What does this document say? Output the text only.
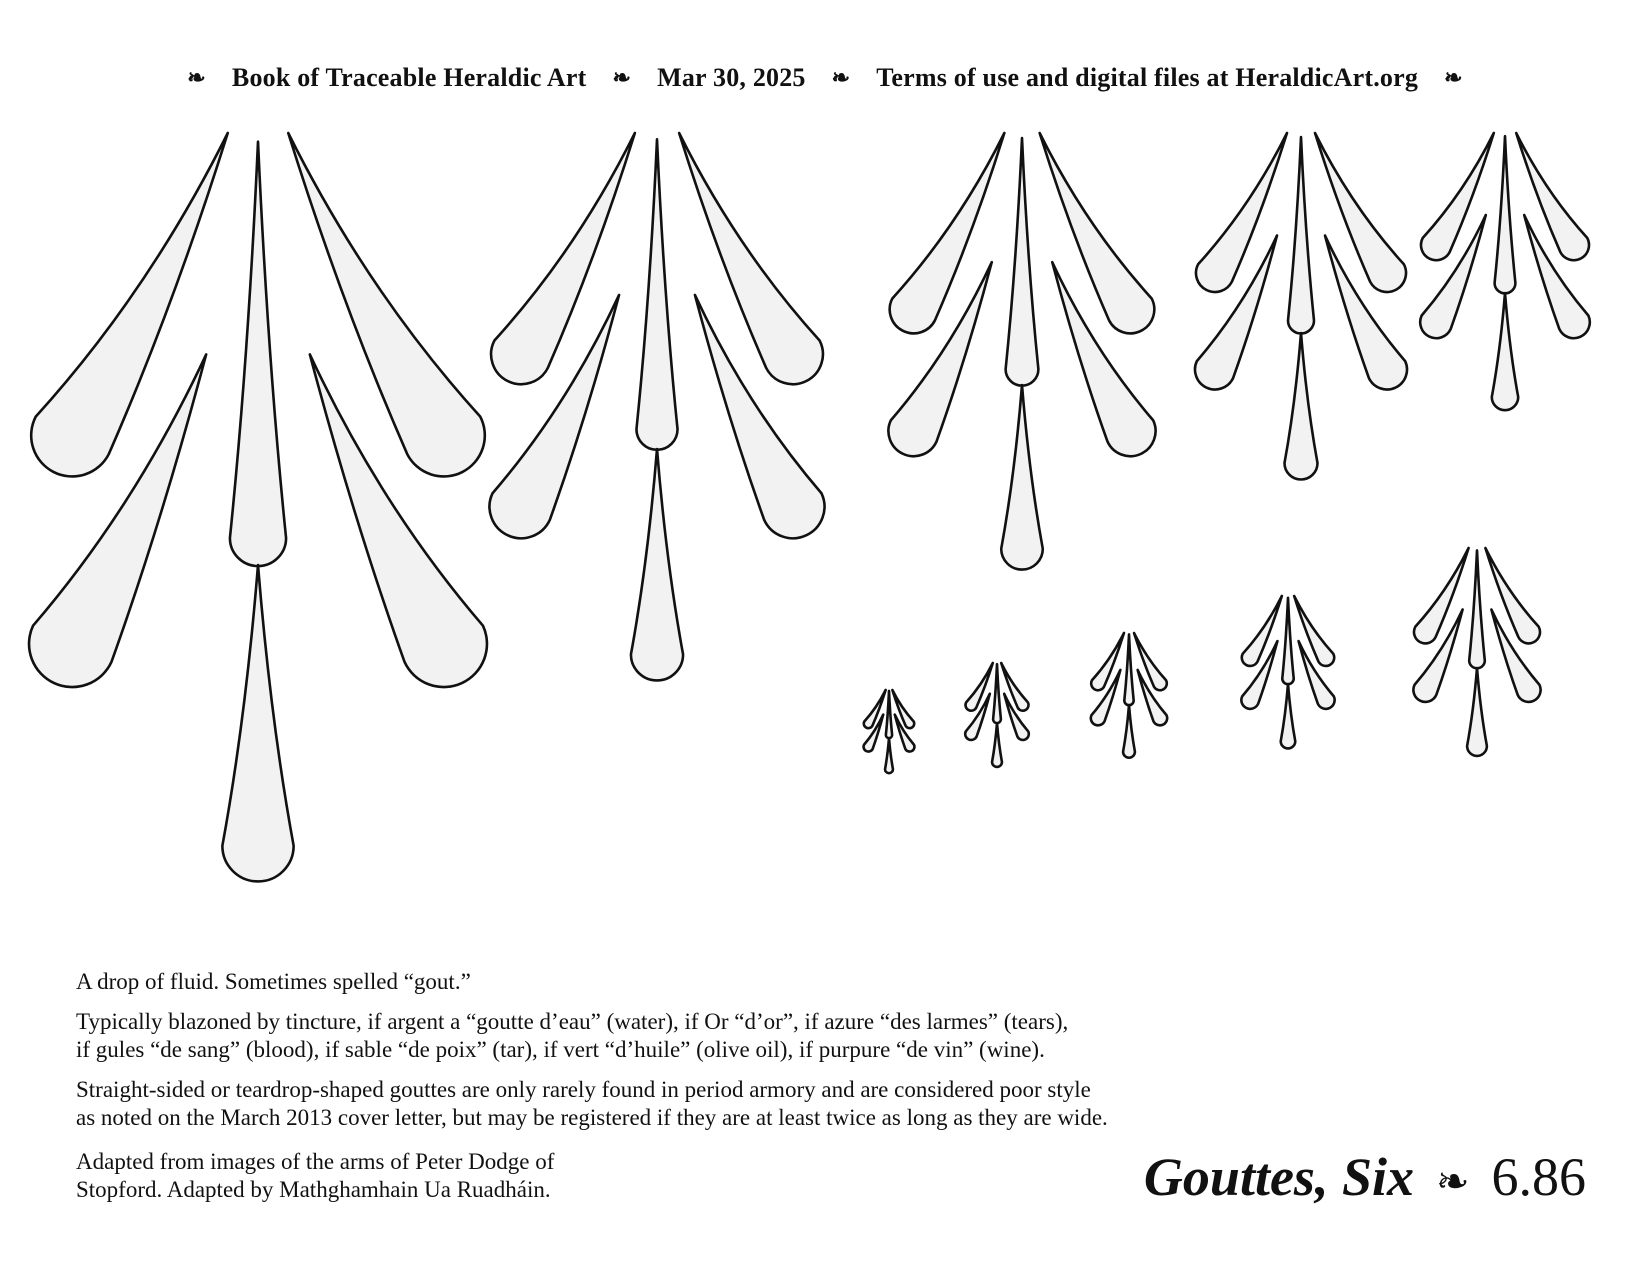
❧ Book of Traceable Heraldic Art ❧ Mar 30, 2025 ❧ Terms of use and digital files at HeraldicArt.org ❧

A drop of fluid. Sometimes spelled “gout.”

Typically blazoned by tincture, if argent a “goutte d’eau” (water), if Or “d’or”, if azure “des larmes” (tears),
if gules “de sang” (blood), if sable “de poix” (tar), if vert “d’huile” (olive oil), if purpure “de vin” (wine).

Straight-sided or teardrop-shaped gouttes are only rarely found in period armory and are considered poor style
as noted on the March 2013 cover letter, but may be registered if they are at least twice as long as they are wide.

Adapted from images of the arms of Peter Dodge of
Stopford. Adapted by Mathghamhain Ua Ruadháin.	Gouttes, Six ❧ 6.86
